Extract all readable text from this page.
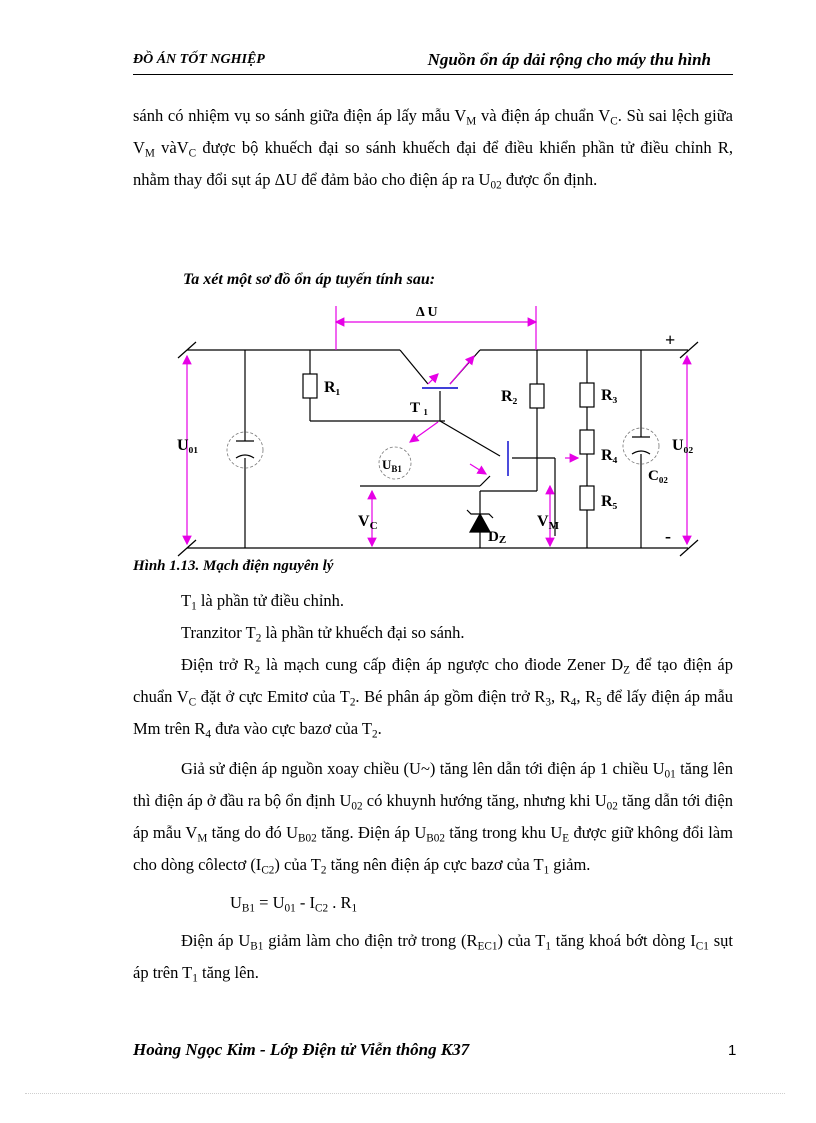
ĐỒ ÁN TỐT NGHIỆP	Nguồn ổn áp dải rộng cho máy thu hình

sánh có nhiệm vụ so sánh giữa điện áp lấy mẫu $V_M$ và điện áp chuẩn $V_C$. Sù sai lệch giữa $V_M$ vàV$_C$ được bộ khuếch đại so sánh khuếch đại để điều khiển phần tử điều chỉnh R, nhằm thay đổi sụt áp ΔU để đảm bảo cho điện áp ra $U_{02}$ được ổn định.

Ta xét một sơ đồ ổn áp tuyến tính sau:
Δ U
R₁
T ₁
R₂	R₃
R₄
R₅
U₀₁	U₀₂
$U_{B1}$	C₀₂
VC	VM
DZ
+
-
Hình 1.13. Mạch điện nguyên lý

$T_1$ là phần tử điều chỉnh.

Tranzitor $T_2$ là phần tử khuếch đại so sánh.

Điện trở $R_2$ là mạch cung cấp điện áp ngược cho điode Zener $D_Z$ để tạo điện áp chuẩn $V_C$ đặt ở cực Emitơ của $T_2$. Bé phân áp gồm điện trở $R_3$, $R_4$, $R_5$ để lấy điện áp mẫu Mm trên $R_4$ đưa vào cực bazơ của $T_2$.

Giả sử điện áp nguồn xoay chiều (U~) tăng lên dẫn tới điện áp 1 chiều $U_{01}$ tăng lên thì điện áp ở đầu ra bộ ổn định $U_{02}$ có khuynh hướng tăng, nhưng khi $U_{02}$ tăng dẫn tới điện áp mẫu $V_M$ tăng do đó $U_{B02}$ tăng. Điện áp $U_{B02}$ tăng trong khu $U_E$ được giữ không đổi làm cho dòng côlectơ $(I_{C2})$ của $T_2$ tăng nên điện áp cực bazơ của $T_1$ giảm.

$U_{B1} = U_{01} - I_{C2}$ . $R_1$

Điện áp $U_{B1}$ giảm làm cho điện trở trong $(R_{EC1})$ của $T_1$ tăng khoá bớt dòng $I_{C1}$ sụt áp trên $T_1$ tăng lên.

Hoàng Ngọc Kim - Lớp Điện tử Viễn thông K37	1
